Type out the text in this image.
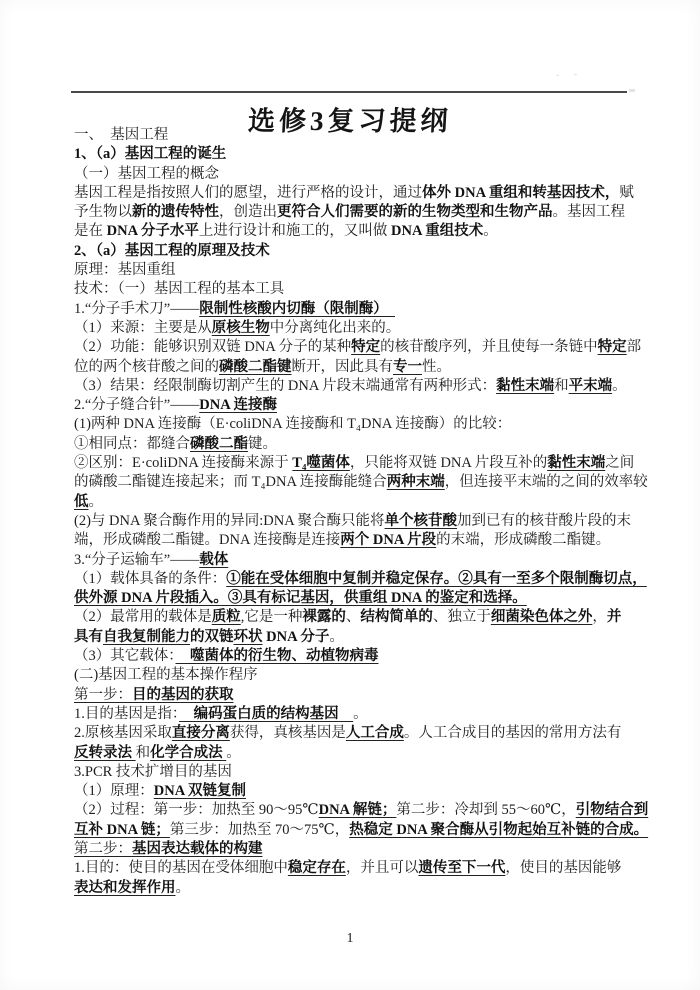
- -
选修3复习提纲

一、　基因工程

1、（a）基因工程的诞生

（一）基因工程的概念

基因工程是指按照人们的愿望，进行严格的设计，通过体外 DNA 重组和转基因技术，赋

予生物以新的遗传特性，创造出更符合人们需要的新的生物类型和生物产品。基因工程

是在 DNA 分子水平上进行设计和施工的，又叫做 DNA 重组技术。

2、（a）基因工程的原理及技术

原理：基因重组

技术：（一）基因工程的基本工具

1.“分子手术刀”——限制性核酸内切酶（限制酶）　

（1）来源：主要是从原核生物中分离纯化出来的。

（2）功能：能够识别双链 DNA 分子的某种特定的核苷酸序列，并且使每一条链中特定部

位的两个核苷酸之间的磷酸二酯键断开，因此具有专一性。

（3）结果：经限制酶切割产生的 DNA 片段末端通常有两种形式：黏性末端和平末端。

2.“分子缝合针”——DNA 连接酶

(1)两种 DNA 连接酶（E·coliDNA 连接酶和 T₄DNA 连接酶）的比较：

①相同点：都缝合磷酸二酯键。

②区别：E·coliDNA 连接酶来源于 T₄噬菌体，只能将双链 DNA 片段互补的黏性末端之间

的磷酸二酯键连接起来；而 T₄DNA 连接酶能缝合两种末端，但连接平末端的之间的效率较

低。

(2)与 DNA 聚合酶作用的异同:DNA 聚合酶只能将单个核苷酸加到已有的核苷酸片段的末

端，形成磷酸二酯键。DNA 连接酶是连接两个 DNA 片段的末端，形成磷酸二酯键。

3.“分子运输车”——载体

（1）载体具备的条件：①能在受体细胞中复制并稳定保存。②具有一至多个限制酶切点，

供外源 DNA 片段插入。③具有标记基因，供重组 DNA 的鉴定和选择。

（2）最常用的载体是质粒,它是一种裸露的、结构简单的、独立于细菌染色体之外，并

具有自我复制能力的双链环状 DNA 分子。

（3）其它载体：　 噬菌体的衍生物、动植物病毒

(二)基因工程的基本操作程序

第一步：目的基因的获取

1.目的基因是指：　 编码蛋白质的结构基因　 。

2.原核基因采取直接分离获得，真核基因是人工合成。人工合成目的基因的常用方法有

反转录法 和化学合成法 。

3.PCR 技术扩增目的基因

（1）原理：DNA 双链复制

（2）过程：第一步：加热至 90～95℃DNA 解链；第二步：冷却到 55～60℃，引物结合到

互补 DNA 链；第三步：加热至 70～75℃，热稳定 DNA 聚合酶从引物起始互补链的合成。

第二步：基因表达载体的构建

1.目的：使目的基因在受体细胞中稳定存在，并且可以遗传至下一代，使目的基因能够

表达和发挥作用。

1
